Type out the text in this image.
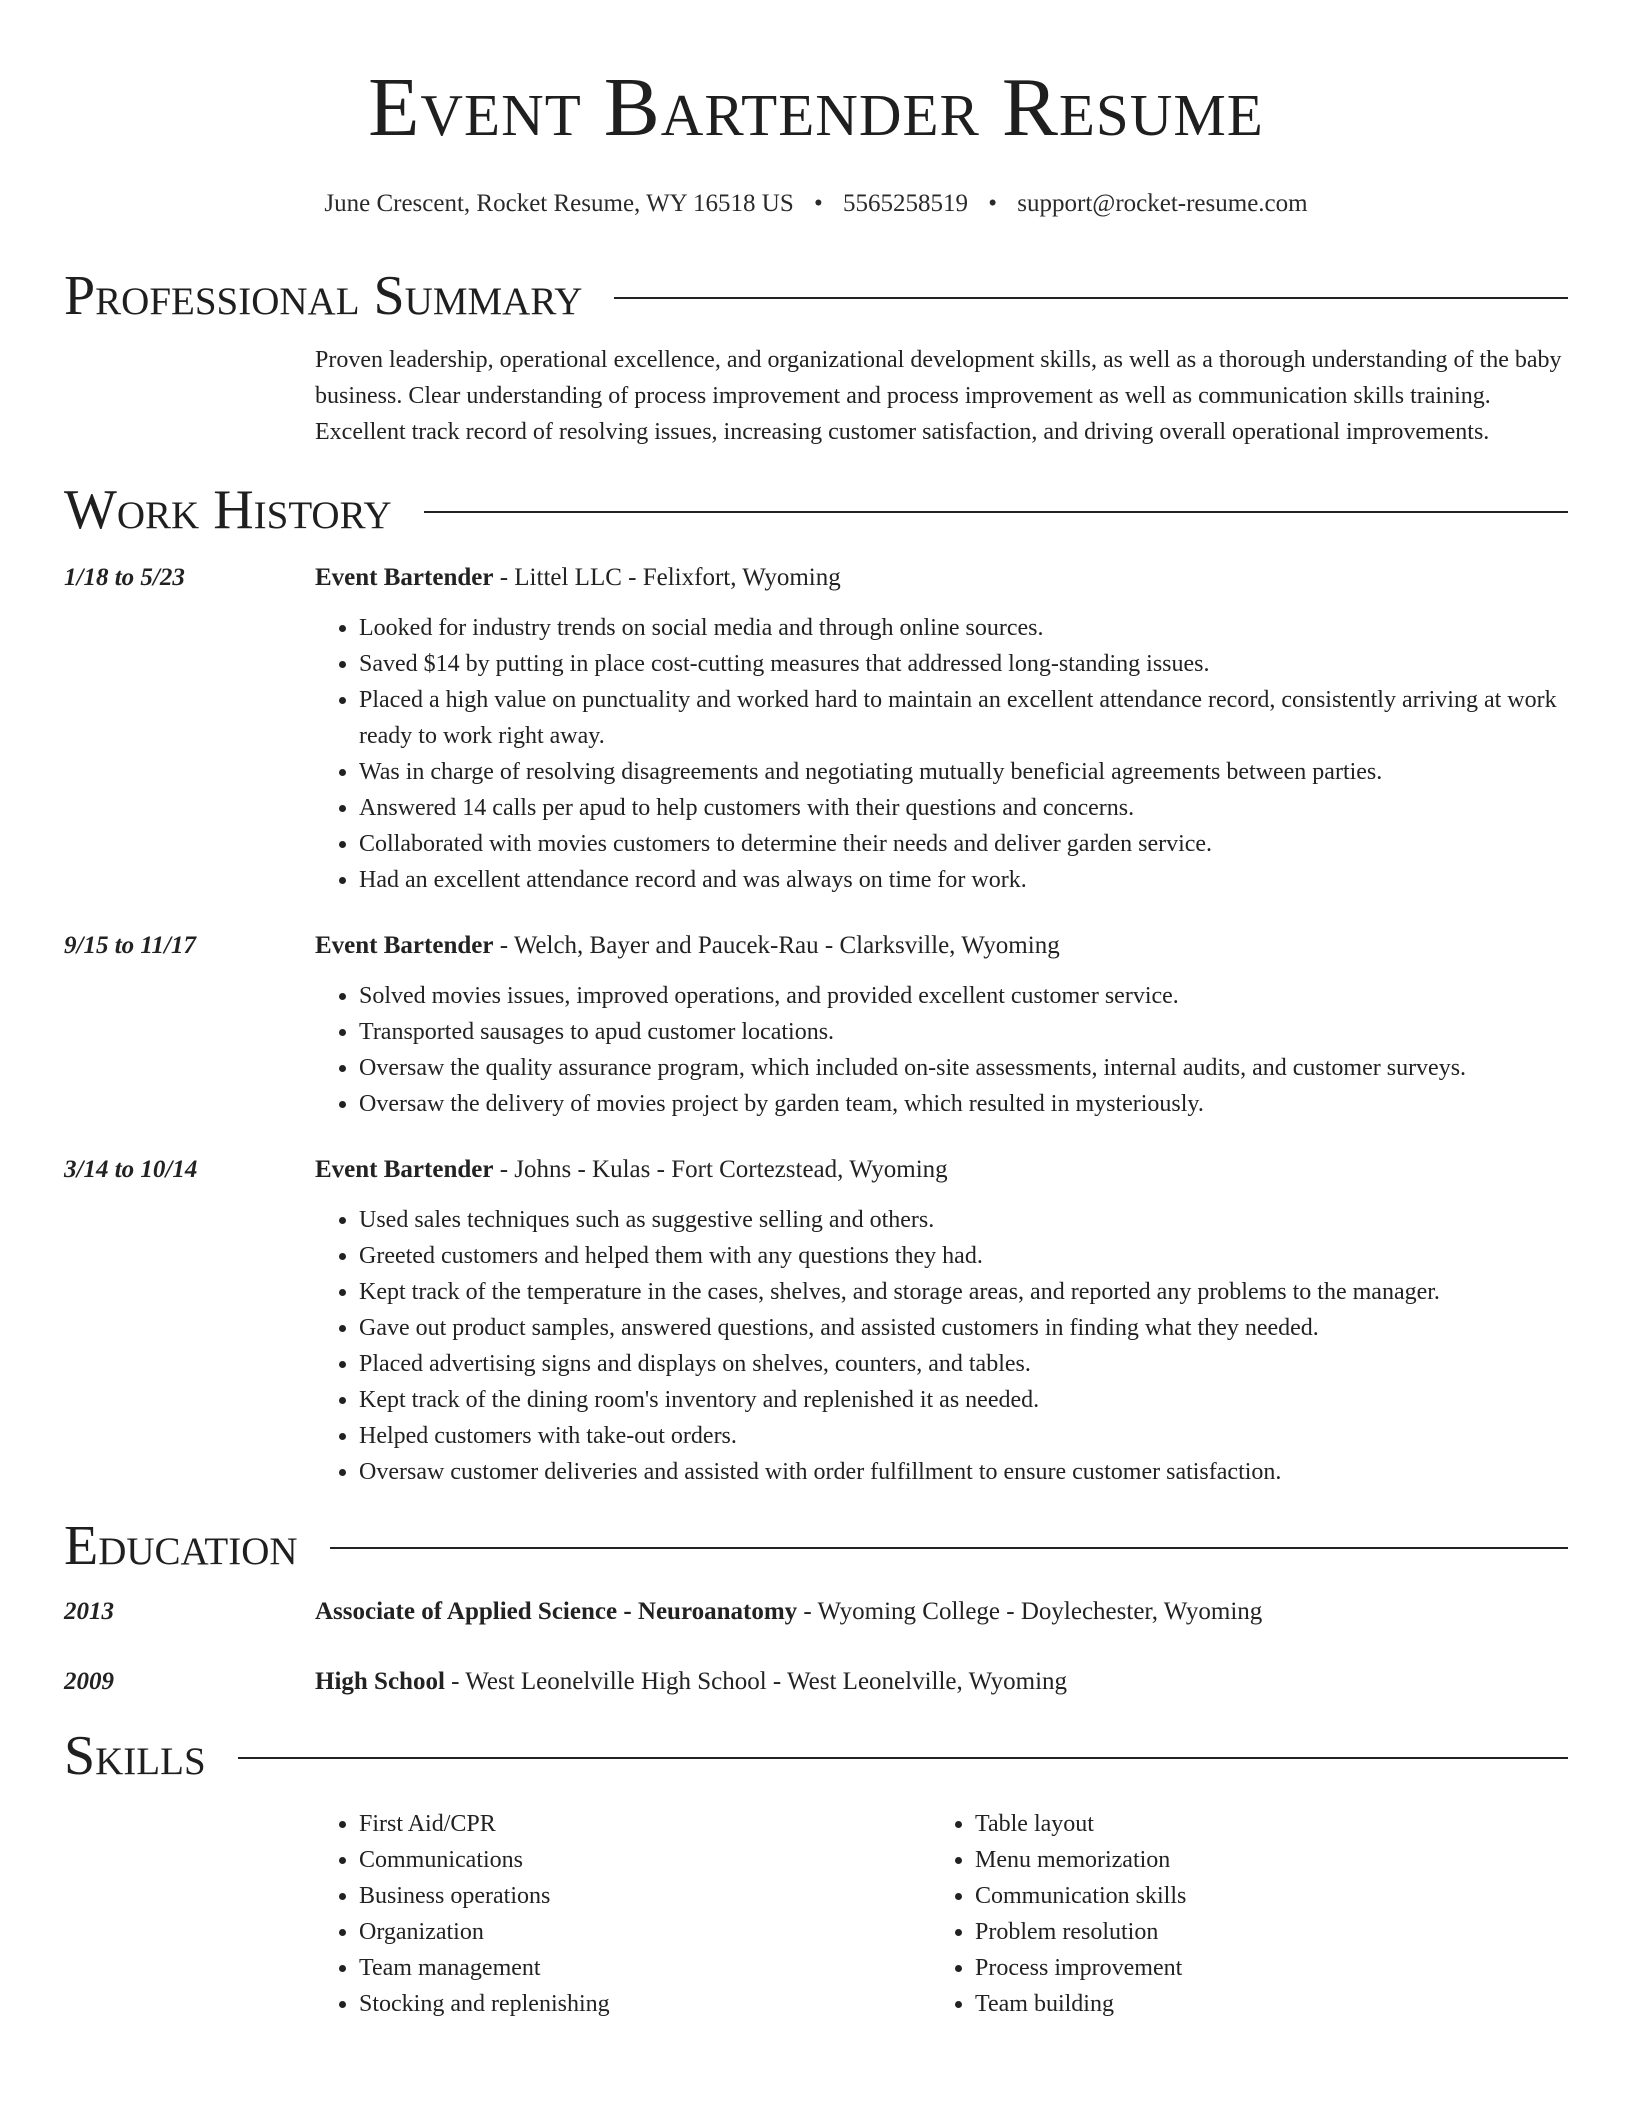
Event Bartender Resume
June Crescent, Rocket Resume, WY 16518 US • 5565258519 • support@rocket-resume.com
Professional Summary
Proven leadership, operational excellence, and organizational development skills, as well as a thorough understanding of the baby business. Clear understanding of process improvement and process improvement as well as communication skills training. Excellent track record of resolving issues, increasing customer satisfaction, and driving overall operational improvements.
Work History
1/18 to 5/23	Event Bartender - Littel LLC - Felixfort, Wyoming
• Looked for industry trends on social media and through online sources.
• Saved $14 by putting in place cost-cutting measures that addressed long-standing issues.
• Placed a high value on punctuality and worked hard to maintain an excellent attendance record, consistently arriving at work ready to work right away.
• Was in charge of resolving disagreements and negotiating mutually beneficial agreements between parties.
• Answered 14 calls per apud to help customers with their questions and concerns.
• Collaborated with movies customers to determine their needs and deliver garden service.
• Had an excellent attendance record and was always on time for work.
9/15 to 11/17	Event Bartender - Welch, Bayer and Paucek-Rau - Clarksville, Wyoming
• Solved movies issues, improved operations, and provided excellent customer service.
• Transported sausages to apud customer locations.
• Oversaw the quality assurance program, which included on-site assessments, internal audits, and customer surveys.
• Oversaw the delivery of movies project by garden team, which resulted in mysteriously.
3/14 to 10/14	Event Bartender - Johns - Kulas - Fort Cortezstead, Wyoming
• Used sales techniques such as suggestive selling and others.
• Greeted customers and helped them with any questions they had.
• Kept track of the temperature in the cases, shelves, and storage areas, and reported any problems to the manager.
• Gave out product samples, answered questions, and assisted customers in finding what they needed.
• Placed advertising signs and displays on shelves, counters, and tables.
• Kept track of the dining room's inventory and replenished it as needed.
• Helped customers with take-out orders.
• Oversaw customer deliveries and assisted with order fulfillment to ensure customer satisfaction.
Education
2013	Associate of Applied Science - Neuroanatomy - Wyoming College - Doylechester, Wyoming
2009	High School - West Leonelville High School - West Leonelville, Wyoming
Skills
• First Aid/CPR
• Communications
• Business operations
• Organization
• Team management
• Stocking and replenishing
• Table layout
• Menu memorization
• Communication skills
• Problem resolution
• Process improvement
• Team building
